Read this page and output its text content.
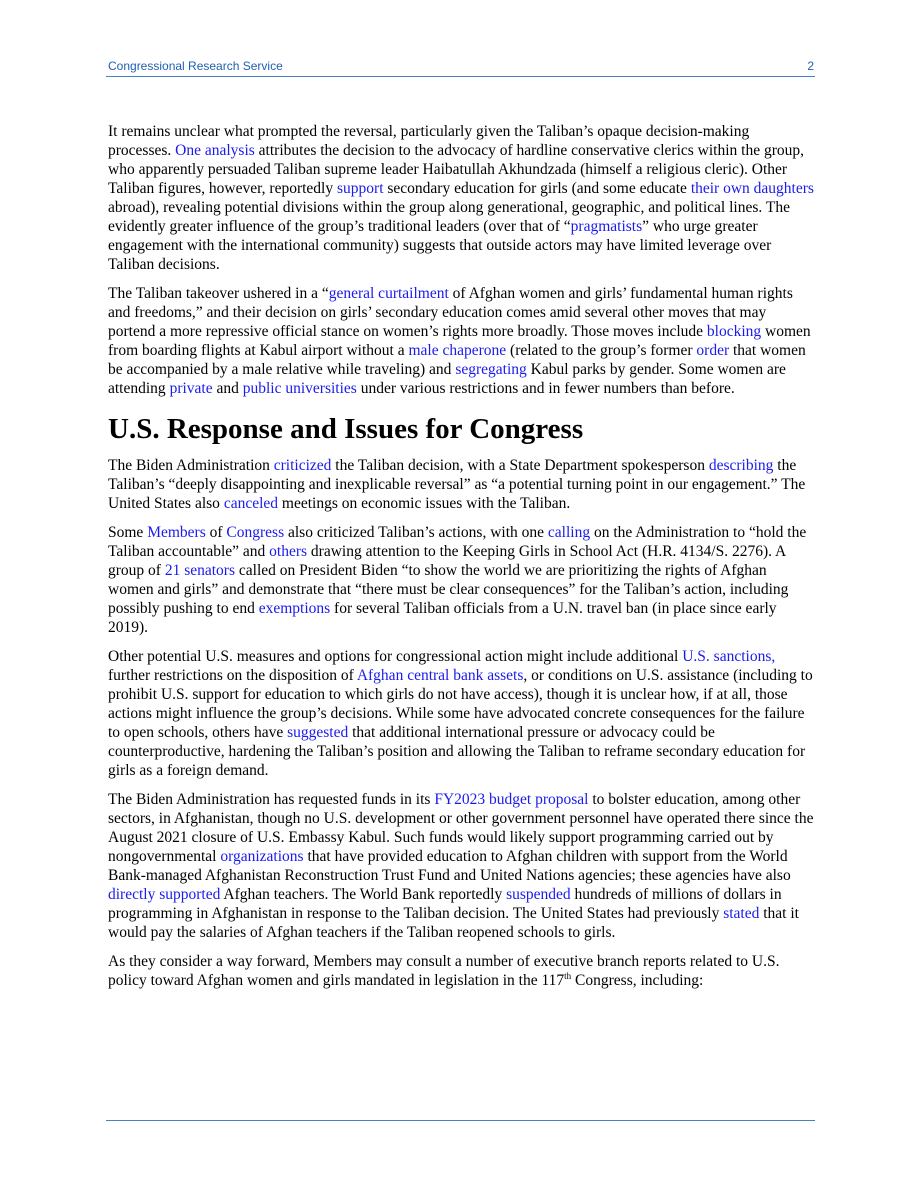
Congressional Research Service	2

It remains unclear what prompted the reversal, particularly given the Taliban’s opaque decision-making processes. One analysis attributes the decision to the advocacy of hardline conservative clerics within the group, who apparently persuaded Taliban supreme leader Haibatullah Akhundzada (himself a religious cleric). Other Taliban figures, however, reportedly support secondary education for girls (and some educate their own daughters abroad), revealing potential divisions within the group along generational, geographic, and political lines. The evidently greater influence of the group’s traditional leaders (over that of “pragmatists” who urge greater engagement with the international community) suggests that outside actors may have limited leverage over Taliban decisions.

The Taliban takeover ushered in a “general curtailment of Afghan women and girls’ fundamental human rights and freedoms,” and their decision on girls’ secondary education comes amid several other moves that may portend a more repressive official stance on women’s rights more broadly. Those moves include blocking women from boarding flights at Kabul airport without a male chaperone (related to the group’s former order that women be accompanied by a male relative while traveling) and segregating Kabul parks by gender. Some women are attending private and public universities under various restrictions and in fewer numbers than before.

U.S. Response and Issues for Congress

The Biden Administration criticized the Taliban decision, with a State Department spokesperson describing the Taliban’s “deeply disappointing and inexplicable reversal” as “a potential turning point in our engagement.” The United States also canceled meetings on economic issues with the Taliban.

Some Members of Congress also criticized Taliban’s actions, with one calling on the Administration to “hold the Taliban accountable” and others drawing attention to the Keeping Girls in School Act (H.R. 4134/S. 2276). A group of 21 senators called on President Biden “to show the world we are prioritizing the rights of Afghan women and girls” and demonstrate that “there must be clear consequences” for the Taliban’s action, including possibly pushing to end exemptions for several Taliban officials from a U.N. travel ban (in place since early 2019).

Other potential U.S. measures and options for congressional action might include additional U.S. sanctions, further restrictions on the disposition of Afghan central bank assets, or conditions on U.S. assistance (including to prohibit U.S. support for education to which girls do not have access), though it is unclear how, if at all, those actions might influence the group’s decisions. While some have advocated concrete consequences for the failure to open schools, others have suggested that additional international pressure or advocacy could be counterproductive, hardening the Taliban’s position and allowing the Taliban to reframe secondary education for girls as a foreign demand.

The Biden Administration has requested funds in its FY2023 budget proposal to bolster education, among other sectors, in Afghanistan, though no U.S. development or other government personnel have operated there since the August 2021 closure of U.S. Embassy Kabul. Such funds would likely support programming carried out by nongovernmental organizations that have provided education to Afghan children with support from the World Bank-managed Afghanistan Reconstruction Trust Fund and United Nations agencies; these agencies have also directly supported Afghan teachers. The World Bank reportedly suspended hundreds of millions of dollars in programming in Afghanistan in response to the Taliban decision. The United States had previously stated that it would pay the salaries of Afghan teachers if the Taliban reopened schools to girls.

As they consider a way forward, Members may consult a number of executive branch reports related to U.S. policy toward Afghan women and girls mandated in legislation in the 117th Congress, including:
